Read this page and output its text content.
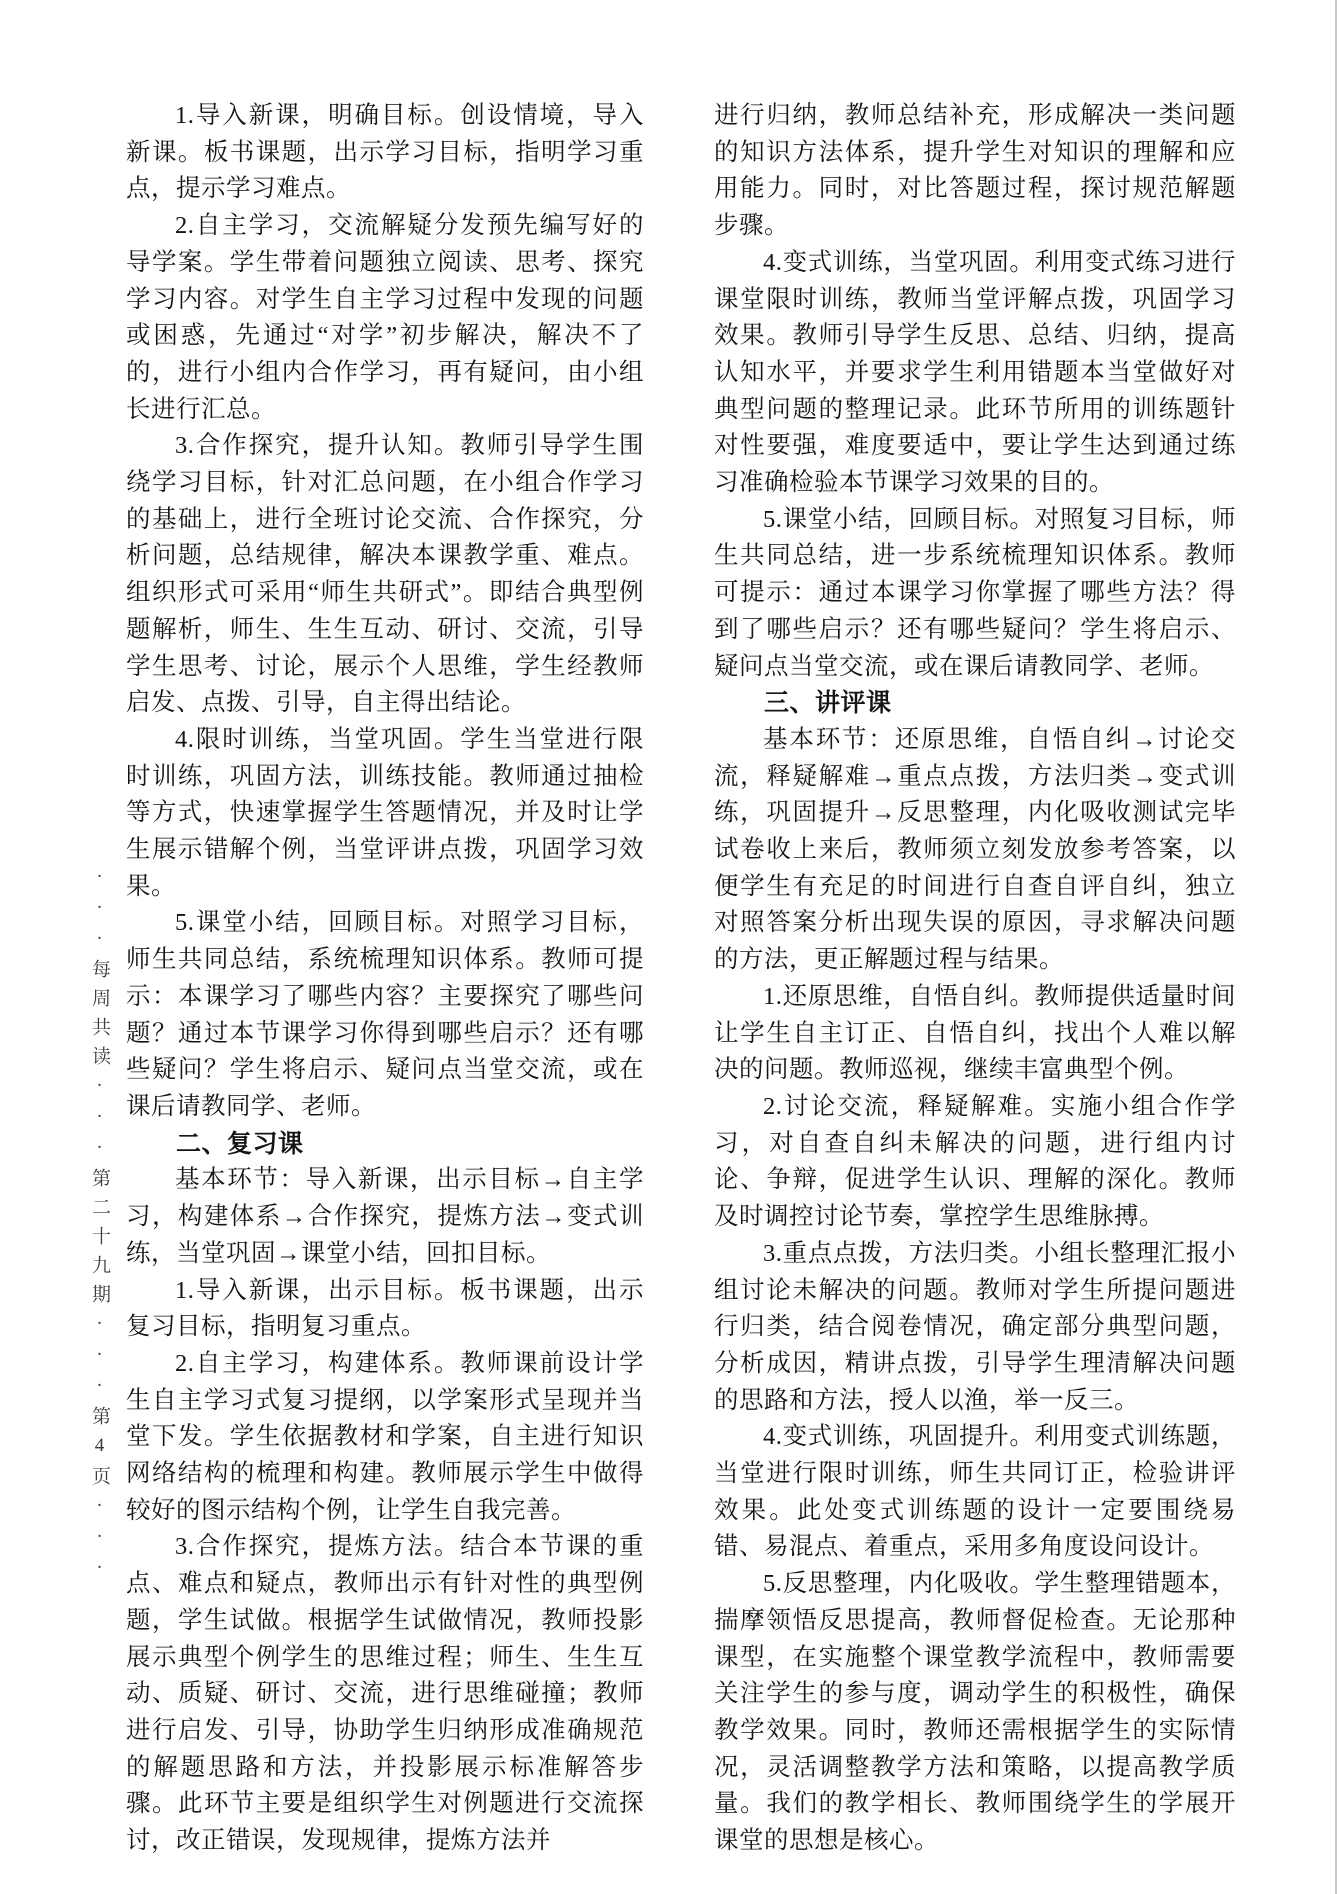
···每周共读···第二十九期···第4页···

1.导入新课，明确目标。创设情境，导入新课。板书课题，出示学习目标，指明学习重点，提示学习难点。

2.自主学习，交流解疑分发预先编写好的导学案。学生带着问题独立阅读、思考、探究学习内容。对学生自主学习过程中发现的问题或困惑，先通过“对学”初步解决，解决不了的，进行小组内合作学习，再有疑问，由小组长进行汇总。

3.合作探究，提升认知。教师引导学生围绕学习目标，针对汇总问题，在小组合作学习的基础上，进行全班讨论交流、合作探究，分析问题，总结规律，解决本课教学重、难点。组织形式可采用“师生共研式”。即结合典型例题解析，师生、生生互动、研讨、交流，引导学生思考、讨论，展示个人思维，学生经教师启发、点拨、引导，自主得出结论。

4.限时训练，当堂巩固。学生当堂进行限时训练，巩固方法，训练技能。教师通过抽检等方式，快速掌握学生答题情况，并及时让学生展示错解个例，当堂评讲点拨，巩固学习效果。

5.课堂小结，回顾目标。对照学习目标，师生共同总结，系统梳理知识体系。教师可提示：本课学习了哪些内容？主要探究了哪些问题？通过本节课学习你得到哪些启示？还有哪些疑问？学生将启示、疑问点当堂交流，或在课后请教同学、老师。

二、复习课

基本环节：导入新课，出示目标→自主学习，构建体系→合作探究，提炼方法→变式训练，当堂巩固→课堂小结，回扣目标。

1.导入新课，出示目标。板书课题，出示复习目标，指明复习重点。

2.自主学习，构建体系。教师课前设计学生自主学习式复习提纲，以学案形式呈现并当堂下发。学生依据教材和学案，自主进行知识网络结构的梳理和构建。教师展示学生中做得较好的图示结构个例，让学生自我完善。

3.合作探究，提炼方法。结合本节课的重点、难点和疑点，教师出示有针对性的典型例题，学生试做。根据学生试做情况，教师投影展示典型个例学生的思维过程；师生、生生互动、质疑、研讨、交流，进行思维碰撞；教师进行启发、引导，协助学生归纳形成准确规范的解题思路和方法，并投影展示标准解答步骤。此环节主要是组织学生对例题进行交流探讨，改正错误，发现规律，提炼方法并

进行归纳，教师总结补充，形成解决一类问题的知识方法体系，提升学生对知识的理解和应用能力。同时，对比答题过程，探讨规范解题步骤。

4.变式训练，当堂巩固。利用变式练习进行课堂限时训练，教师当堂评解点拨，巩固学习效果。教师引导学生反思、总结、归纳，提高认知水平，并要求学生利用错题本当堂做好对典型问题的整理记录。此环节所用的训练题针对性要强，难度要适中，要让学生达到通过练习准确检验本节课学习效果的目的。

5.课堂小结，回顾目标。对照复习目标，师生共同总结，进一步系统梳理知识体系。教师可提示：通过本课学习你掌握了哪些方法？得到了哪些启示？还有哪些疑问？学生将启示、疑问点当堂交流，或在课后请教同学、老师。

三、讲评课

基本环节：还原思维，自悟自纠→讨论交流，释疑解难→重点点拨，方法归类→变式训练，巩固提升→反思整理，内化吸收测试完毕试卷收上来后，教师须立刻发放参考答案，以便学生有充足的时间进行自查自评自纠，独立对照答案分析出现失误的原因，寻求解决问题的方法，更正解题过程与结果。

1.还原思维，自悟自纠。教师提供适量时间让学生自主订正、自悟自纠，找出个人难以解决的问题。教师巡视，继续丰富典型个例。

2.讨论交流，释疑解难。实施小组合作学习，对自查自纠未解决的问题，进行组内讨论、争辩，促进学生认识、理解的深化。教师及时调控讨论节奏，掌控学生思维脉搏。

3.重点点拨，方法归类。小组长整理汇报小组讨论未解决的问题。教师对学生所提问题进行归类，结合阅卷情况，确定部分典型问题，分析成因，精讲点拨，引导学生理清解决问题的思路和方法，授人以渔，举一反三。

4.变式训练，巩固提升。利用变式训练题，当堂进行限时训练，师生共同订正，检验讲评效果。此处变式训练题的设计一定要围绕易错、易混点、着重点，采用多角度设问设计。

5.反思整理，内化吸收。学生整理错题本，揣摩领悟反思提高，教师督促检查。无论那种课型，在实施整个课堂教学流程中，教师需要关注学生的参与度，调动学生的积极性，确保教学效果。同时，教师还需根据学生的实际情况，灵活调整教学方法和策略，以提高教学质量。我们的教学相长、教师围绕学生的学展开课堂的思想是核心。
